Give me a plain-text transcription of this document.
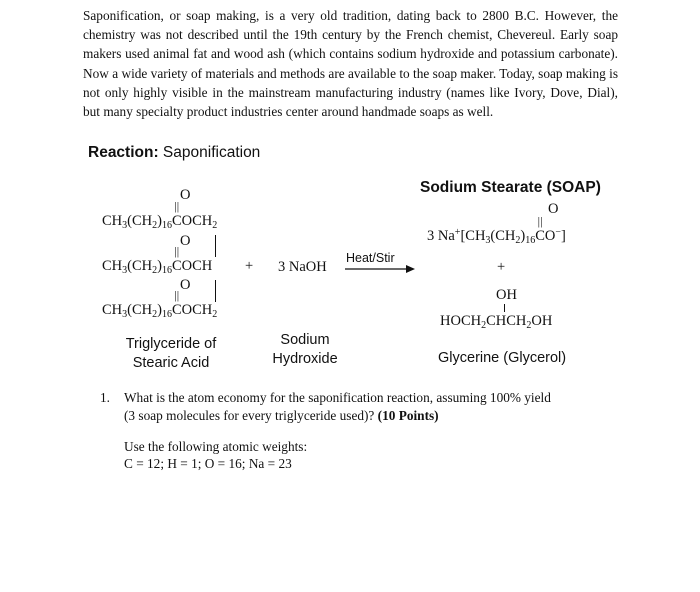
Saponification, or soap making, is a very old tradition, dating back to 2800 B.C. However, the chemistry was not described until the 19th century by the French chemist, Chevereul. Early soap makers used animal fat and wood ash (which contains sodium hydroxide and potassium carbonate). Now a wide variety of materials and methods are available to the soap maker. Today, soap making is not only highly visible in the mainstream manufacturing industry (names like Ivory, Dove, Dial), but many specialty product industries center around handmade soaps as well.
Reaction: Saponification
$CH_3(CH_2)_{16}$
||
$COCH_2$
O
$CH_3(CH_2)_{16}$
||
COCH
O
$CH_3(CH_2)_{16}$
||
$COCH_2$
O
+ 3 NaOH
Heat/Stir
Sodium Stearate (SOAP)
O
3 $Na^+[CH_3(CH_2)_{16}$
||
CO−]
+
OH
$HOCH_2CHCH_2OH$
Triglyceride of
Stearic Acid
Sodium
Hydroxide	Glycerine (Glycerol)
1. What is the atom economy for the saponification reaction, assuming 100% yield
(3 soap molecules for every triglyceride used)? (10 Points)
Use the following atomic weights:
C = 12; H = 1; O = 16; Na = 23
